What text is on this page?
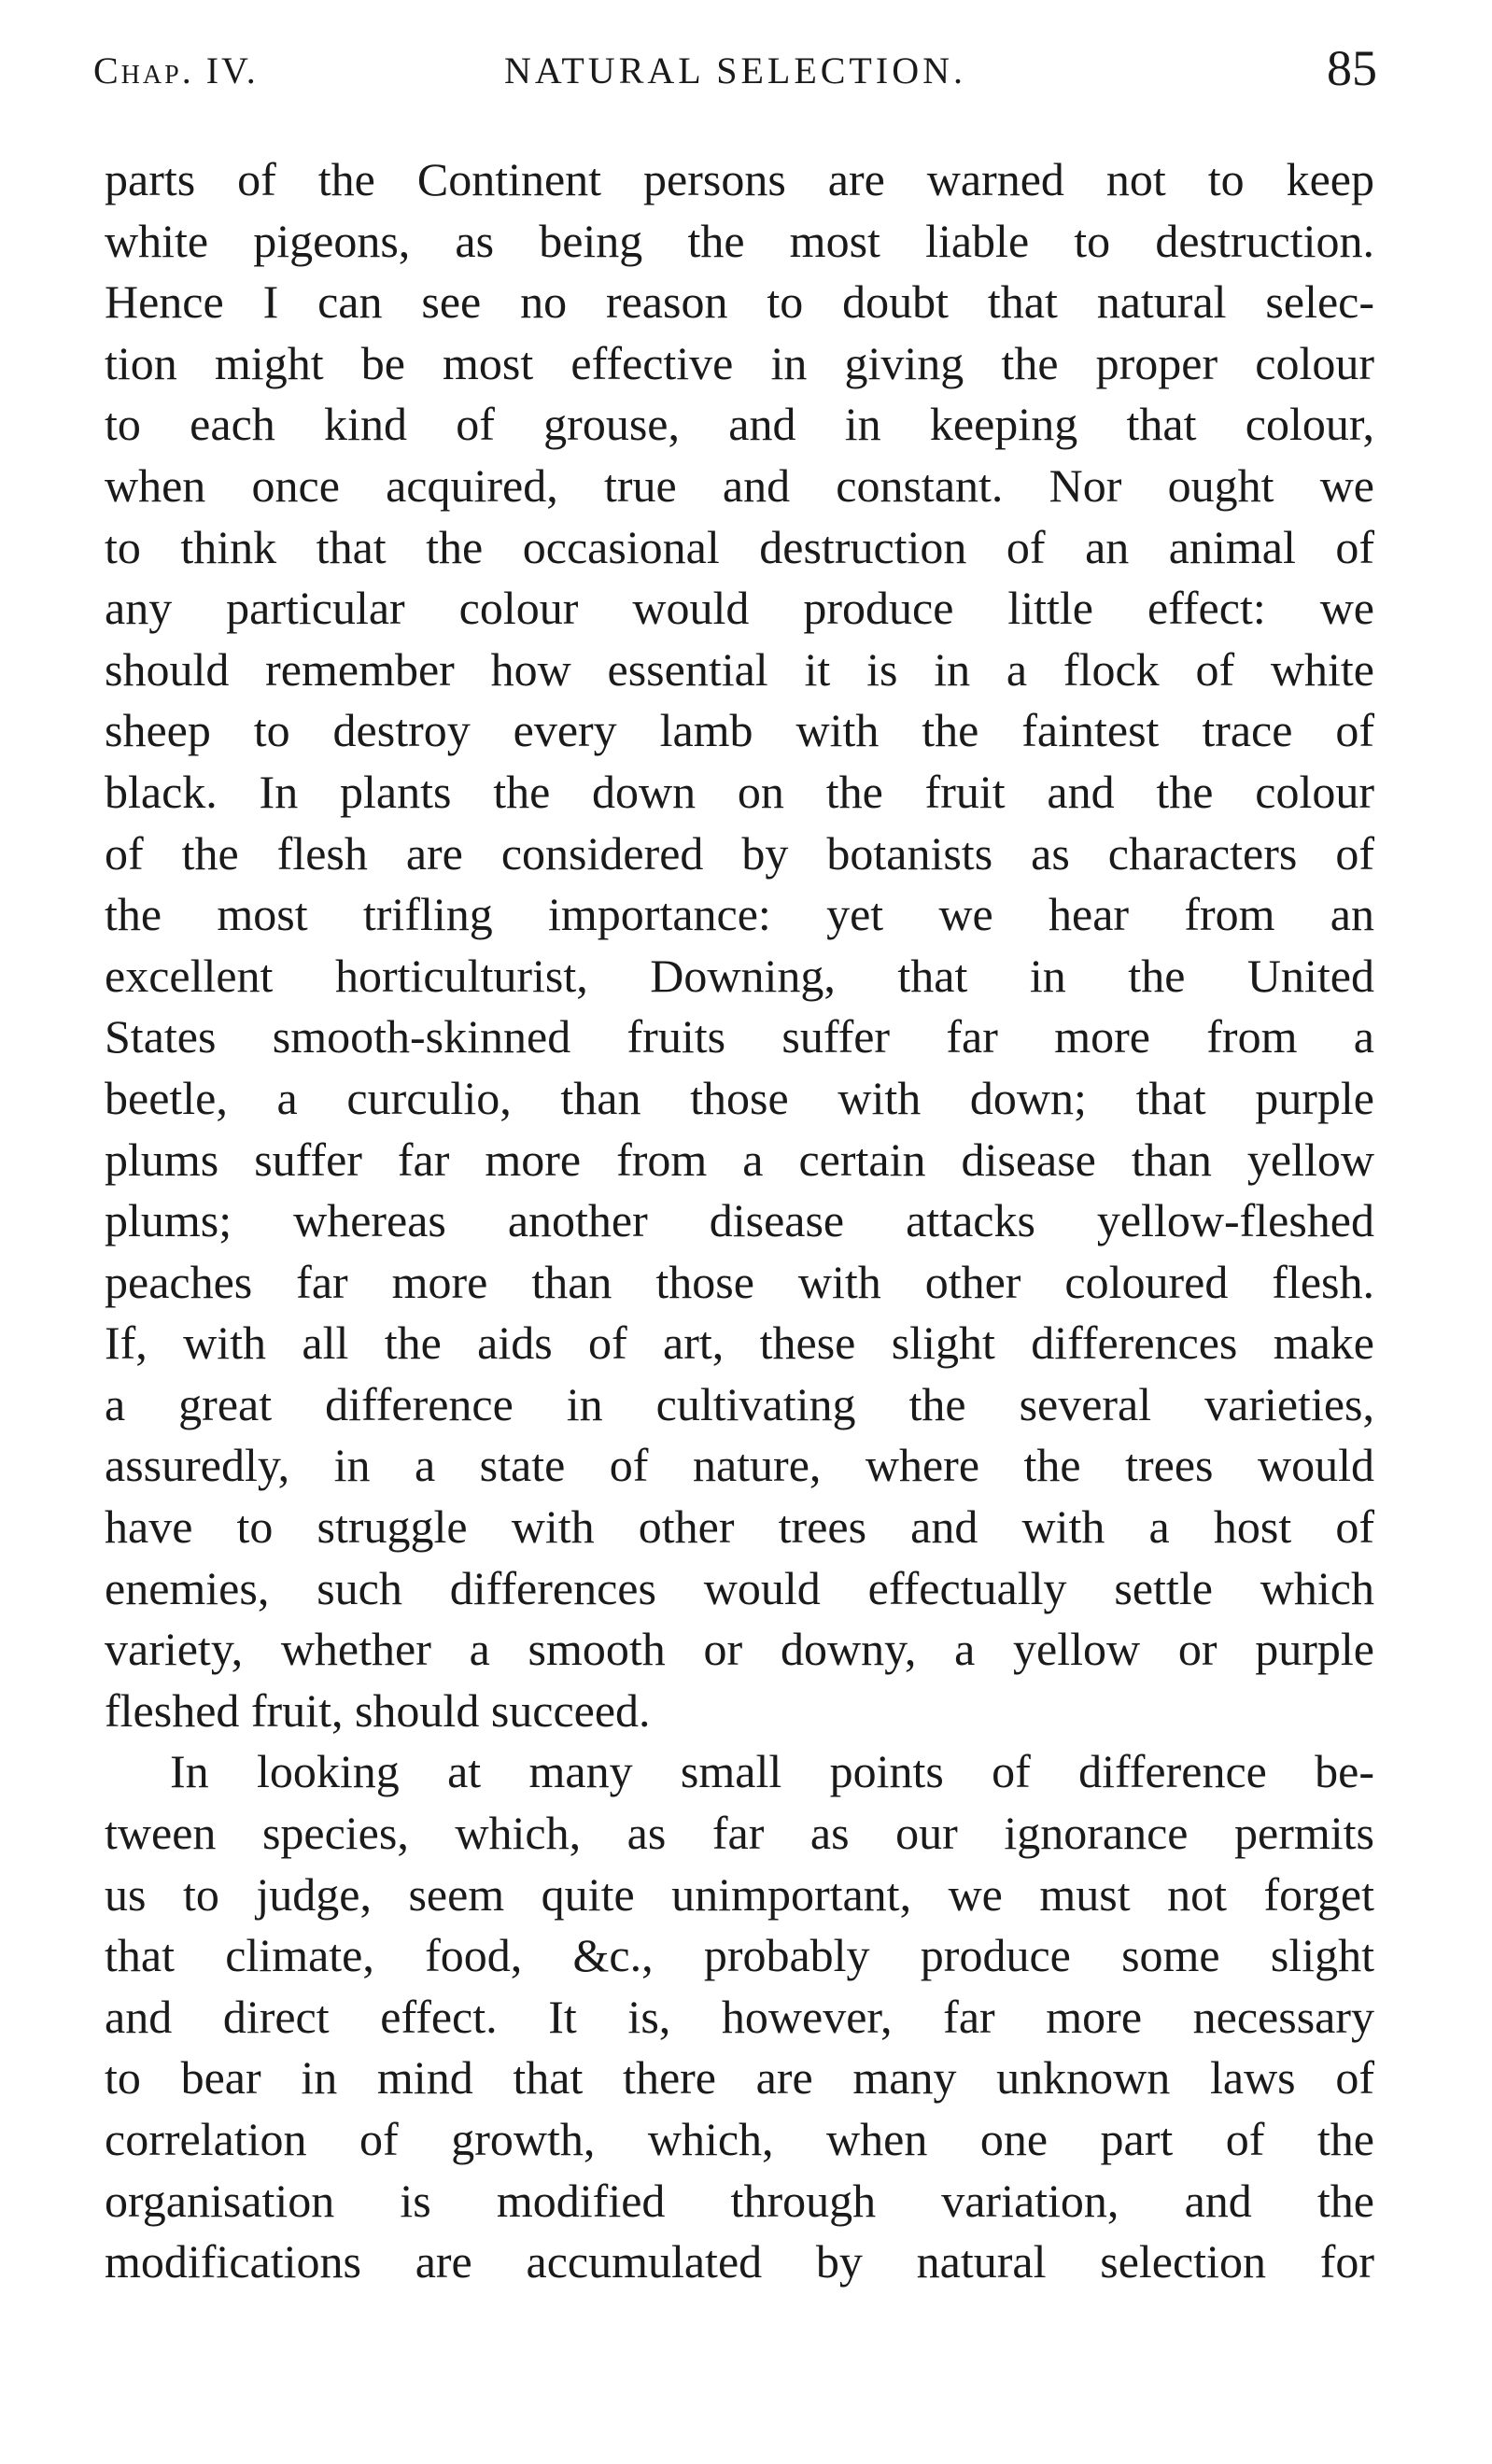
Chap. IV.	NATURAL SELECTION.	85
parts of the Continent persons are warned not to keep
white pigeons, as being the most liable to destruction.
Hence I can see no reason to doubt that natural selec-
tion might be most effective in giving the proper colour
to each kind of grouse, and in keeping that colour,
when once acquired, true and constant. Nor ought we
to think that the occasional destruction of an animal of
any particular colour would produce little effect: we
should remember how essential it is in a flock of white
sheep to destroy every lamb with the faintest trace of
black. In plants the down on the fruit and the colour
of the flesh are considered by botanists as characters of
the most trifling importance: yet we hear from an
excellent horticulturist, Downing, that in the United
States smooth-skinned fruits suffer far more from a
beetle, a curculio, than those with down; that purple
plums suffer far more from a certain disease than yellow
plums; whereas another disease attacks yellow-fleshed
peaches far more than those with other coloured flesh.
If, with all the aids of art, these slight differences make
a great difference in cultivating the several varieties,
assuredly, in a state of nature, where the trees would
have to struggle with other trees and with a host of
enemies, such differences would effectually settle which
variety, whether a smooth or downy, a yellow or purple
fleshed fruit, should succeed.
In looking at many small points of difference be-
tween species, which, as far as our ignorance permits
us to judge, seem quite unimportant, we must not forget
that climate, food, &c., probably produce some slight
and direct effect. It is, however, far more necessary
to bear in mind that there are many unknown laws of
correlation of growth, which, when one part of the
organisation is modified through variation, and the
modifications are accumulated by natural selection for
